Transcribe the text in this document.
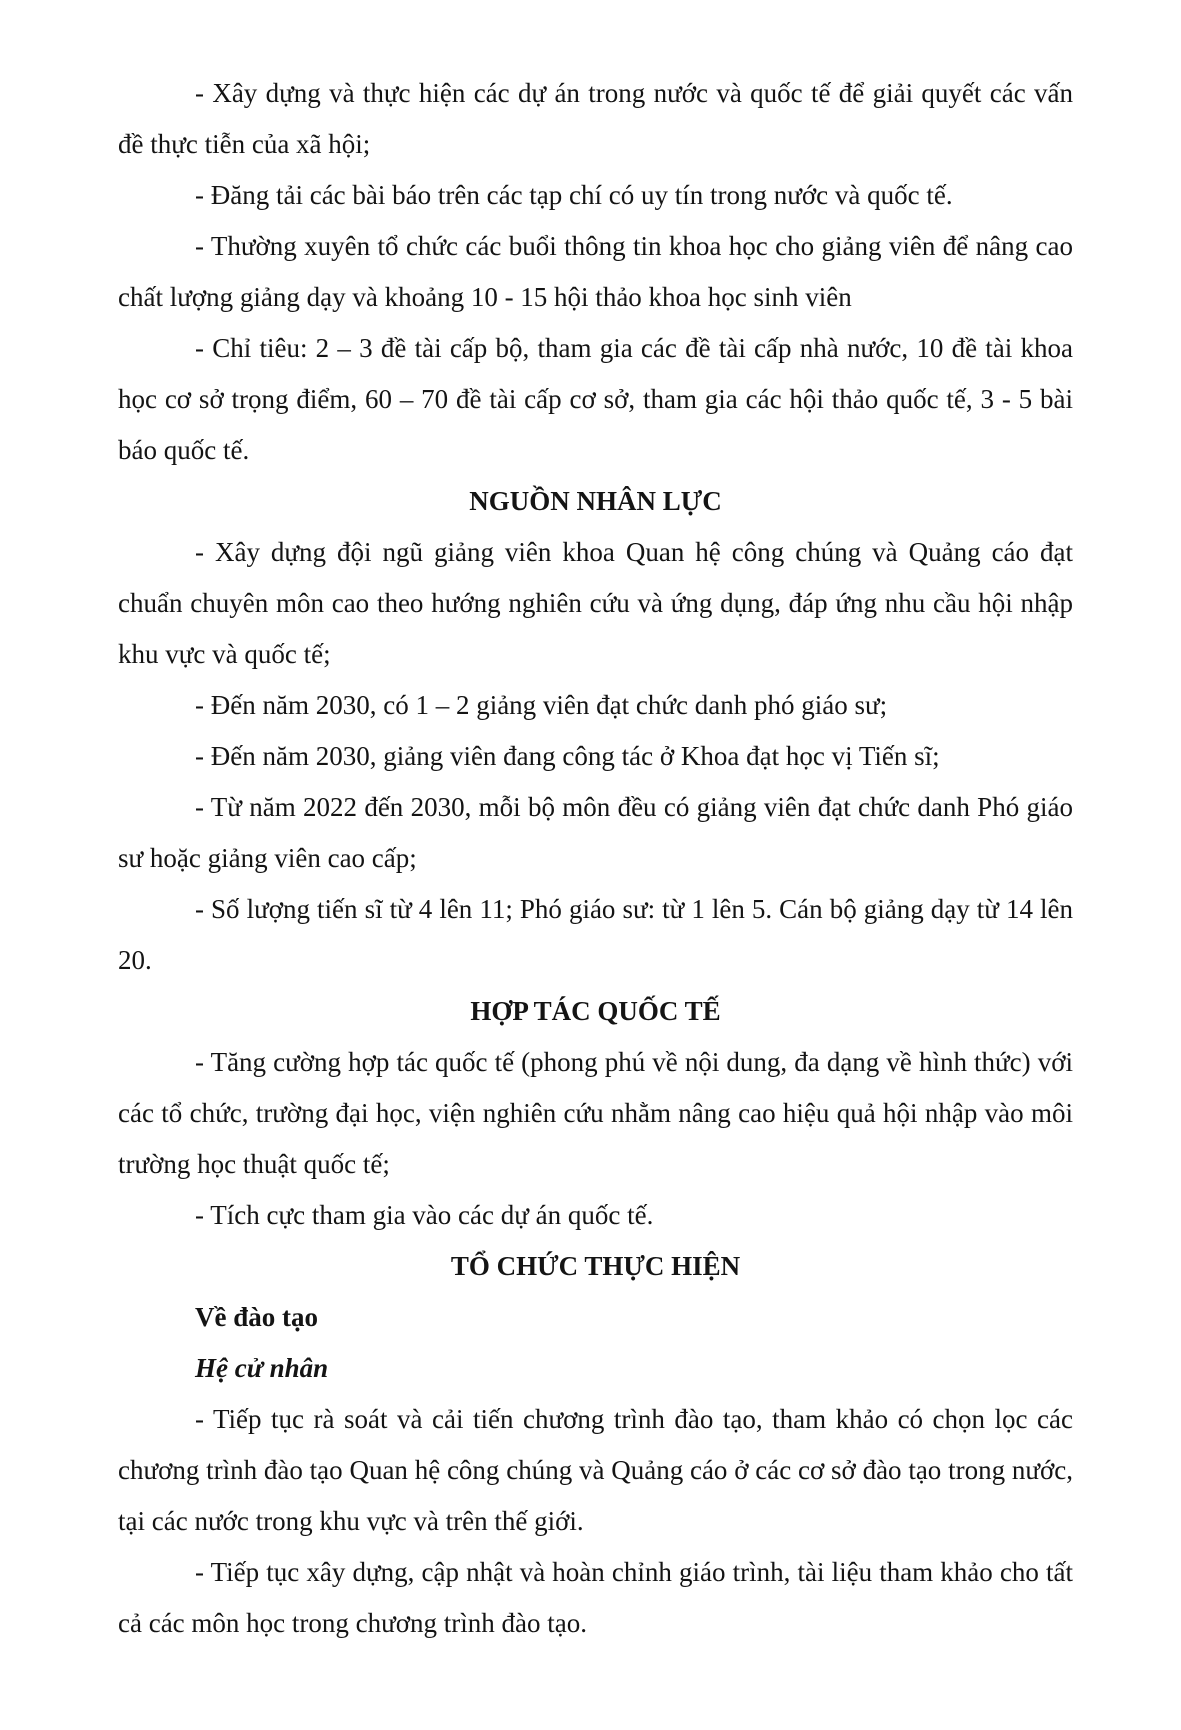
- Xây dựng và thực hiện các dự án trong nước và quốc tế để giải quyết các vấn đề thực tiễn của xã hội;

- Đăng tải các bài báo trên các tạp chí có uy tín trong nước và quốc tế.

- Thường xuyên tổ chức các buổi thông tin khoa học cho giảng viên để nâng cao chất lượng giảng dạy và khoảng 10 - 15 hội thảo khoa học sinh viên

- Chỉ tiêu: 2 – 3 đề tài cấp bộ, tham gia các đề tài cấp nhà nước, 10 đề tài khoa học cơ sở trọng điểm, 60 – 70 đề tài cấp cơ sở, tham gia các hội thảo quốc tế, 3 - 5 bài báo quốc tế.

NGUỒN NHÂN LỰC

- Xây dựng đội ngũ giảng viên khoa Quan hệ công chúng và Quảng cáo đạt chuẩn chuyên môn cao theo hướng nghiên cứu và ứng dụng, đáp ứng nhu cầu hội nhập khu vực và quốc tế;

- Đến năm 2030, có 1 – 2 giảng viên đạt chức danh phó giáo sư;

- Đến năm 2030, giảng viên đang công tác ở Khoa đạt học vị Tiến sĩ;

- Từ năm 2022 đến 2030, mỗi bộ môn đều có giảng viên đạt chức danh Phó giáo sư hoặc giảng viên cao cấp;

- Số lượng tiến sĩ từ 4 lên 11; Phó giáo sư: từ 1 lên 5. Cán bộ giảng dạy từ 14 lên 20.

HỢP TÁC QUỐC TẾ

- Tăng cường hợp tác quốc tế (phong phú về nội dung, đa dạng về hình thức) với các tổ chức, trường đại học, viện nghiên cứu nhằm nâng cao hiệu quả hội nhập vào môi trường học thuật quốc tế;

- Tích cực tham gia vào các dự án quốc tế.

TỔ CHỨC THỰC HIỆN

Về đào tạo

Hệ cử nhân

- Tiếp tục rà soát và cải tiến chương trình đào tạo, tham khảo có chọn lọc các chương trình đào tạo Quan hệ công chúng và Quảng cáo ở các cơ sở đào tạo trong nước, tại các nước trong khu vực và trên thế giới.

- Tiếp tục xây dựng, cập nhật và hoàn chỉnh giáo trình, tài liệu tham khảo cho tất cả các môn học trong chương trình đào tạo.
